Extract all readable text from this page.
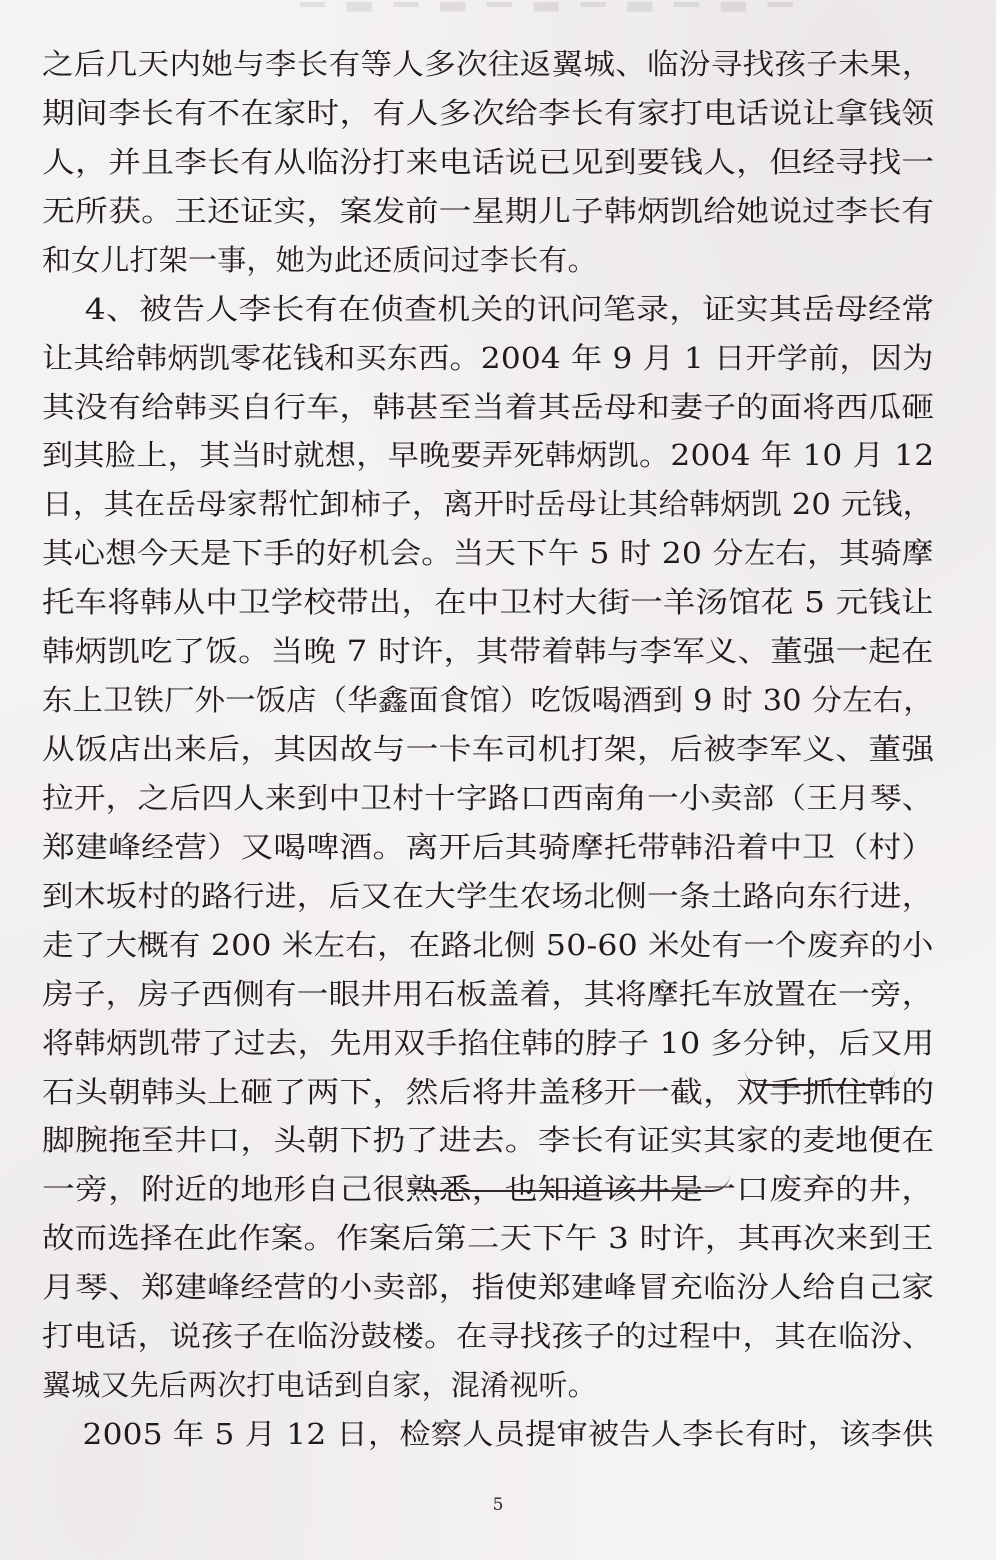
▁ ▂ ▁ ▂ ▁ ▂ ▁ ▂ ▁ ▂ ▁
之后几天内她与李长有等人多次往返翼城、临汾寻找孩子未果，
期间李长有不在家时，有人多次给李长有家打电话说让拿钱领
人，并且李长有从临汾打来电话说已见到要钱人，但经寻找一
无所获。王还证实，案发前一星期儿子韩炳凯给她说过李长有
和女儿打架一事，她为此还质问过李长有。
4、被告人李长有在侦查机关的讯问笔录，证实其岳母经常
让其给韩炳凯零花钱和买东西。2004 年 9 月 1 日开学前，因为
其没有给韩买自行车，韩甚至当着其岳母和妻子的面将西瓜砸
到其脸上，其当时就想，早晚要弄死韩炳凯。2004 年 10 月 12
日，其在岳母家帮忙卸柿子，离开时岳母让其给韩炳凯 20 元钱，
其心想今天是下手的好机会。当天下午 5 时 20 分左右，其骑摩
托车将韩从中卫学校带出，在中卫村大街一羊汤馆花 5 元钱让
韩炳凯吃了饭。当晚 7 时许，其带着韩与李军义、董强一起在
东上卫铁厂外一饭店（华鑫面食馆）吃饭喝酒到 9 时 30 分左右，
从饭店出来后，其因故与一卡车司机打架，后被李军义、董强
拉开，之后四人来到中卫村十字路口西南角一小卖部（王月琴、
郑建峰经营）又喝啤酒。离开后其骑摩托带韩沿着中卫（村）
到木坂村的路行进，后又在大学生农场北侧一条土路向东行进，
走了大概有 200 米左右，在路北侧 50-60 米处有一个废弃的小
房子，房子西侧有一眼井用石板盖着，其将摩托车放置在一旁，
将韩炳凯带了过去，先用双手掐住韩的脖子 10 多分钟，后又用
石头朝韩头上砸了两下，然后将井盖移开一截，双手抓住韩的
脚腕拖至井口，头朝下扔了进去。李长有证实其家的麦地便在
一旁，附近的地形自己很熟悉，也知道该井是一口废弃的井，
故而选择在此作案。作案后第二天下午 3 时许，其再次来到王
月琴、郑建峰经营的小卖部，指使郑建峰冒充临汾人给自己家
打电话，说孩子在临汾鼓楼。在寻找孩子的过程中，其在临汾、
翼城又先后两次打电话到自家，混淆视听。
5
2005 年 5 月 12 日，检察人员提审被告人李长有时，该李供
